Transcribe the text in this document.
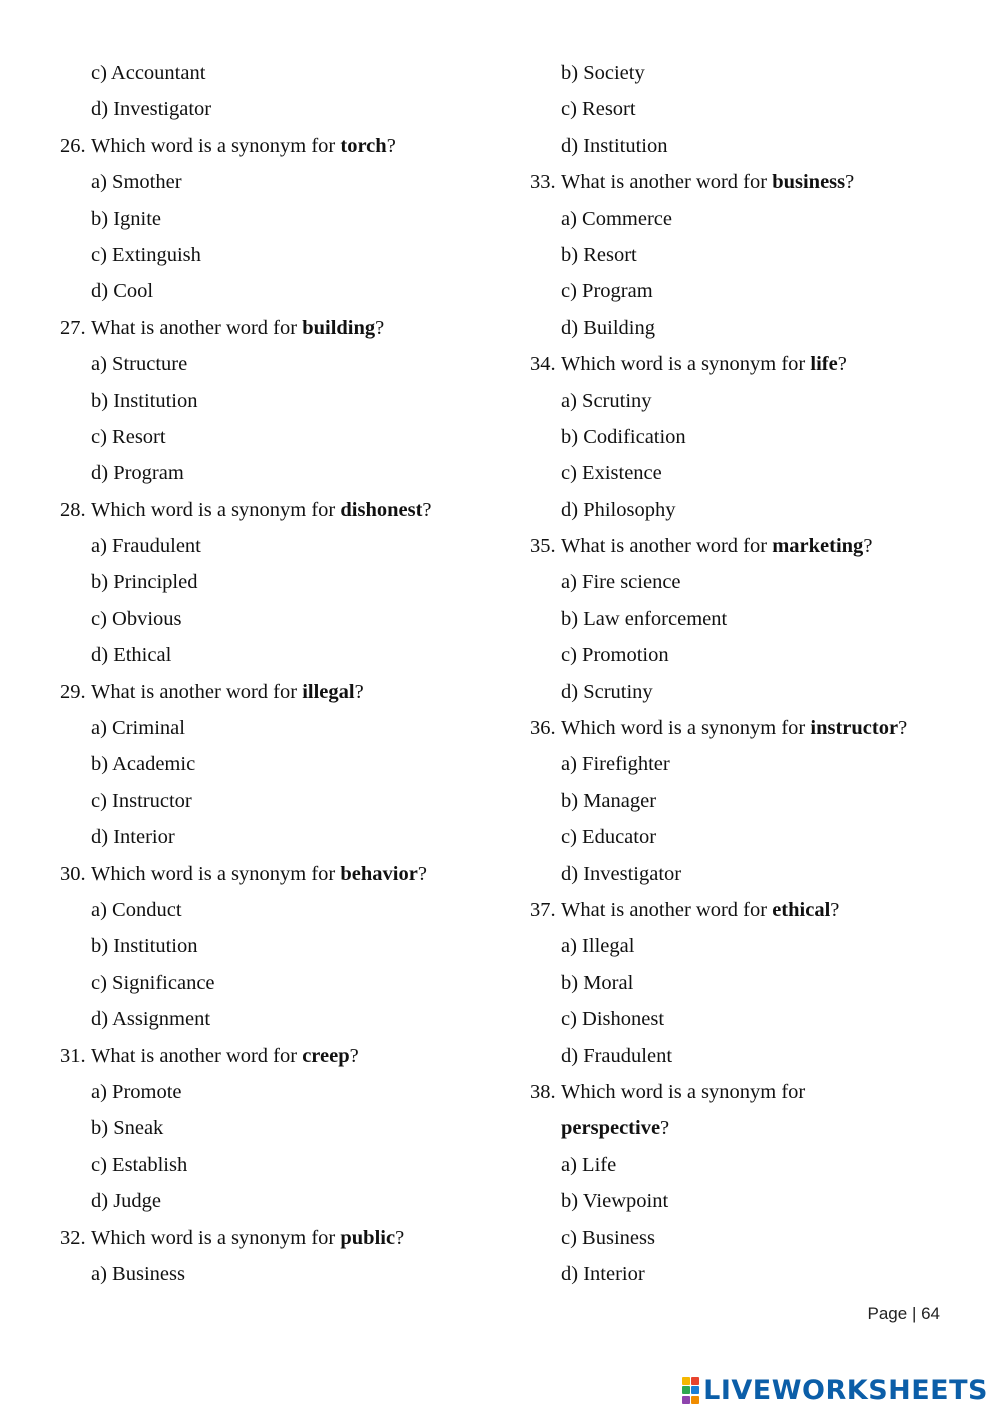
c) Accountant
d) Investigator
26. Which word is a synonym for torch?
a) Smother
b) Ignite
c) Extinguish
d) Cool
27. What is another word for building?
a) Structure
b) Institution
c) Resort
d) Program
28. Which word is a synonym for dishonest?
a) Fraudulent
b) Principled
c) Obvious
d) Ethical
29. What is another word for illegal?
a) Criminal
b) Academic
c) Instructor
d) Interior
30. Which word is a synonym for behavior?
a) Conduct
b) Institution
c) Significance
d) Assignment
31. What is another word for creep?
a) Promote
b) Sneak
c) Establish
d) Judge
32. Which word is a synonym for public?
a) Business
b) Society
c) Resort
d) Institution
33. What is another word for business?
a) Commerce
b) Resort
c) Program
d) Building
34. Which word is a synonym for life?
a) Scrutiny
b) Codification
c) Existence
d) Philosophy
35. What is another word for marketing?
a) Fire science
b) Law enforcement
c) Promotion
d) Scrutiny
36. Which word is a synonym for instructor?
a) Firefighter
b) Manager
c) Educator
d) Investigator
37. What is another word for ethical?
a) Illegal
b) Moral
c) Dishonest
d) Fraudulent
38. Which word is a synonym for
perspective?
a) Life
b) Viewpoint
c) Business
d) Interior
Page | 64
LIVEWORKSHEETS
